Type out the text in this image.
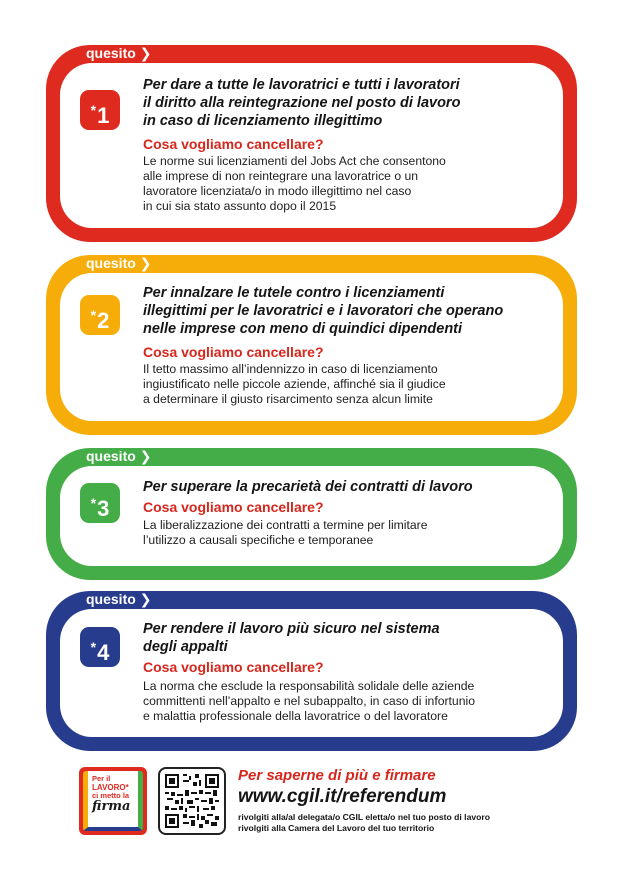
quesito ❯
*1
Per dare a tutte le lavoratrici e tutti i lavoratori
il diritto alla reintegrazione nel posto di lavoro
in caso di licenziamento illegittimo
Cosa vogliamo cancellare?
Le norme sui licenziamenti del Jobs Act che consentono
alle imprese di non reintegrare una lavoratrice o un
lavoratore licenziata/o in modo illegittimo nel caso
in cui sia stato assunto dopo il 2015
quesito ❯
*2
Per innalzare le tutele contro i licenziamenti
illegittimi per le lavoratrici e i lavoratori che operano
nelle imprese con meno di quindici dipendenti
Cosa vogliamo cancellare?
Il tetto massimo all’indennizzo in caso di licenziamento
ingiustificato nelle piccole aziende, affinché sia il giudice
a determinare il giusto risarcimento senza alcun limite
quesito ❯
*3
Per superare la precarietà dei contratti di lavoro
Cosa vogliamo cancellare?
La liberalizzazione dei contratti a termine per limitare
l’utilizzo a causali specifiche e temporanee
quesito ❯
*4
Per rendere il lavoro più sicuro nel sistema
degli appalti
Cosa vogliamo cancellare?
La norma che esclude la responsabilità solidale delle aziende
committenti nell’appalto e nel subappalto, in caso di infortunio
e malattia professionale della lavoratrice o del lavoratore
Per il
LAVORO*
ci metto la
firma
Per saperne di più e firmare
www.cgil.it/referendum
rivolgiti alla/al delegata/o CGIL eletta/o nel tuo posto di lavoro
rivolgiti alla Camera del Lavoro del tuo territorio
